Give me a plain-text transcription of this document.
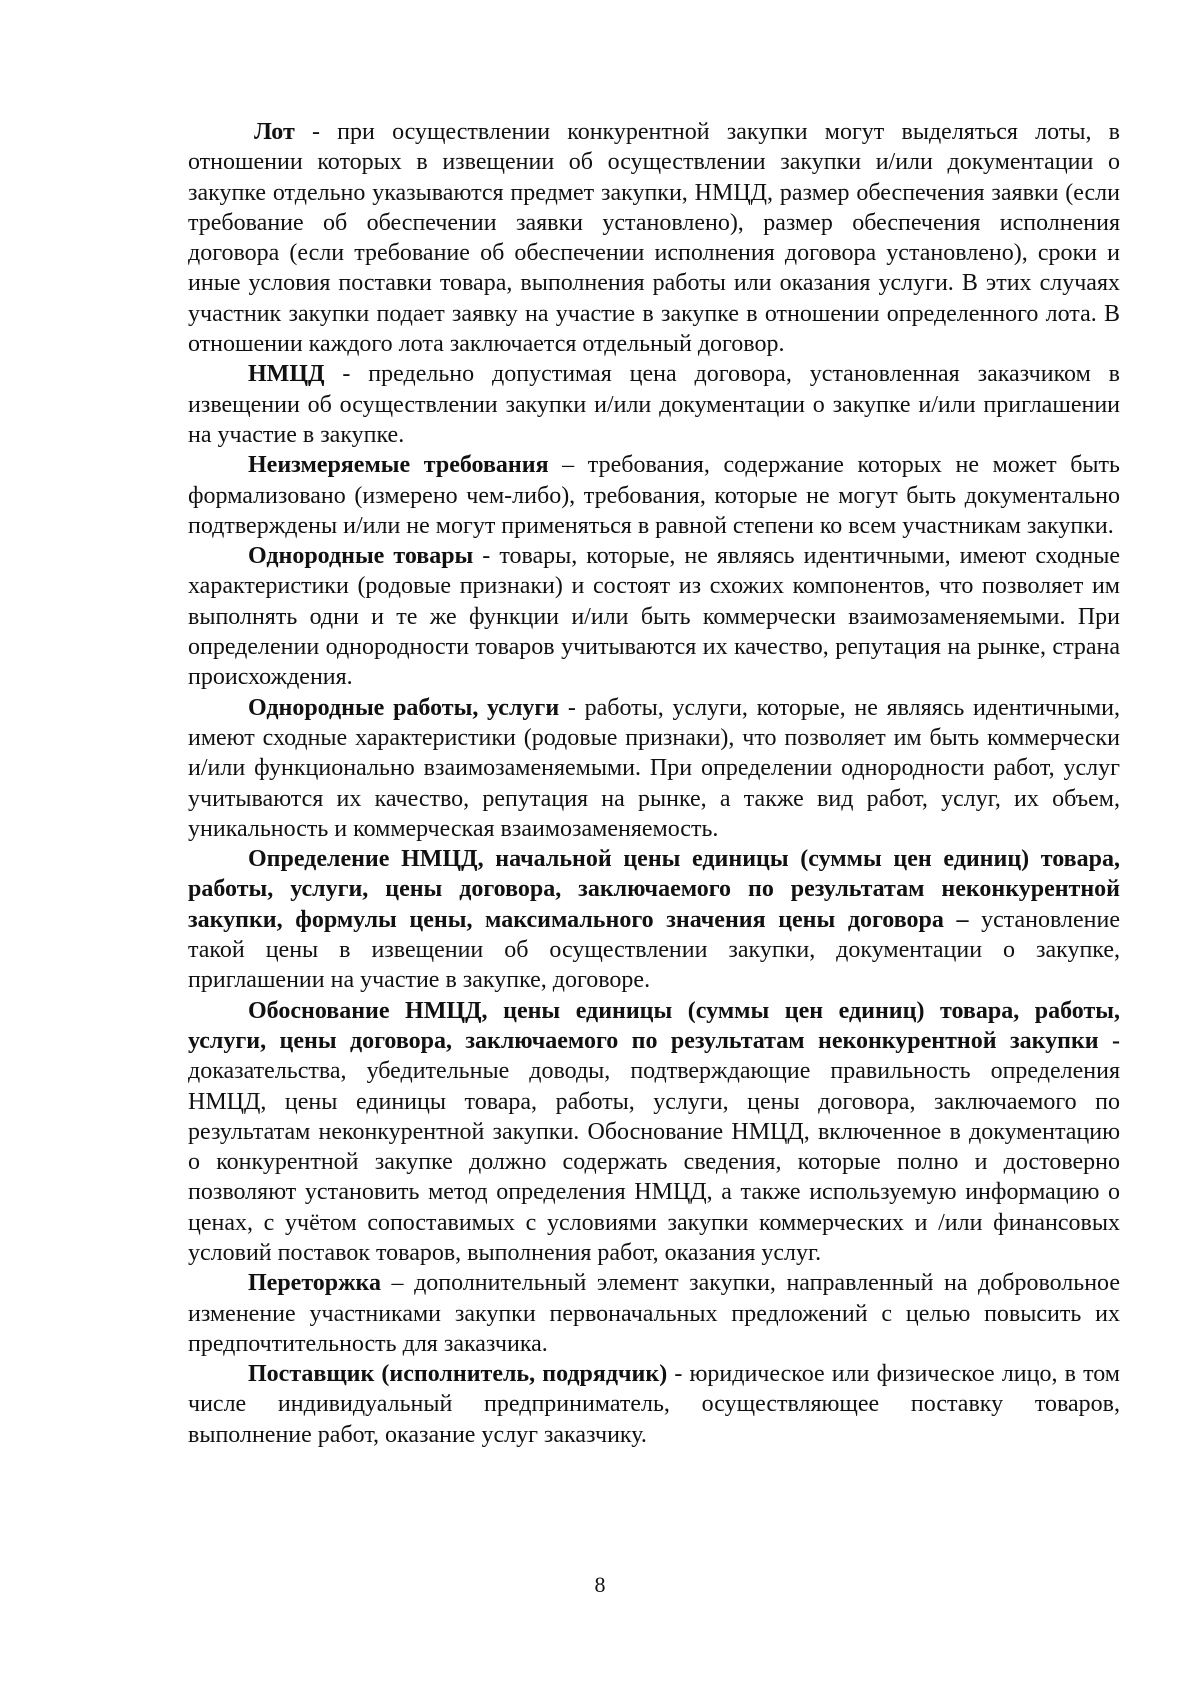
Лот - при осуществлении конкурентной закупки могут выделяться лоты, в отношении которых в извещении об осуществлении закупки и/или документации о закупке отдельно указываются предмет закупки, НМЦД, размер обеспечения заявки (если требование об обеспечении заявки установлено), размер обеспечения исполнения договора (если требование об обеспечении исполнения договора установлено), сроки и иные условия поставки товара, выполнения работы или оказания услуги. В этих случаях участник закупки подает заявку на участие в закупке в отношении определенного лота. В отношении каждого лота заключается отдельный договор.

НМЦД - предельно допустимая цена договора, установленная заказчиком в извещении об осуществлении закупки и/или документации о закупке и/или приглашении на участие в закупке.

Неизмеряемые требования – требования, содержание которых не может быть формализовано (измерено чем-либо), требования, которые не могут быть документально подтверждены и/или не могут применяться в равной степени ко всем участникам закупки.

Однородные товары - товары, которые, не являясь идентичными, имеют сходные характеристики (родовые признаки) и состоят из схожих компонентов, что позволяет им выполнять одни и те же функции и/или быть коммерчески взаимозаменяемыми. При определении однородности товаров учитываются их качество, репутация на рынке, страна происхождения.

Однородные работы, услуги - работы, услуги, которые, не являясь идентичными, имеют сходные характеристики (родовые признаки), что позволяет им быть коммерчески и/или функционально взаимозаменяемыми. При определении однородности работ, услуг учитываются их качество, репутация на рынке, а также вид работ, услуг, их объем, уникальность и коммерческая взаимозаменяемость.

Определение НМЦД, начальной цены единицы (суммы цен единиц) товара, работы, услуги, цены договора, заключаемого по результатам неконкурентной закупки, формулы цены, максимального значения цены договора – установление такой цены в извещении об осуществлении закупки, документации о закупке, приглашении на участие в закупке, договоре.

Обоснование НМЦД, цены единицы (суммы цен единиц) товара, работы, услуги, цены договора, заключаемого по результатам неконкурентной закупки - доказательства, убедительные доводы, подтверждающие правильность определения НМЦД, цены единицы товара, работы, услуги, цены договора, заключаемого по результатам неконкурентной закупки. Обоснование НМЦД, включенное в документацию о конкурентной закупке должно содержать сведения, которые полно и достоверно позволяют установить метод определения НМЦД, а также используемую информацию о ценах, с учётом сопоставимых с условиями закупки коммерческих и /или финансовых условий поставок товаров, выполнения работ, оказания услуг.

Переторжка – дополнительный элемент закупки, направленный на добровольное изменение участниками закупки первоначальных предложений с целью повысить их предпочтительность для заказчика.

Поставщик (исполнитель, подрядчик) - юридическое или физическое лицо, в том числе индивидуальный предприниматель, осуществляющее поставку товаров, выполнение работ, оказание услуг заказчику.

8
